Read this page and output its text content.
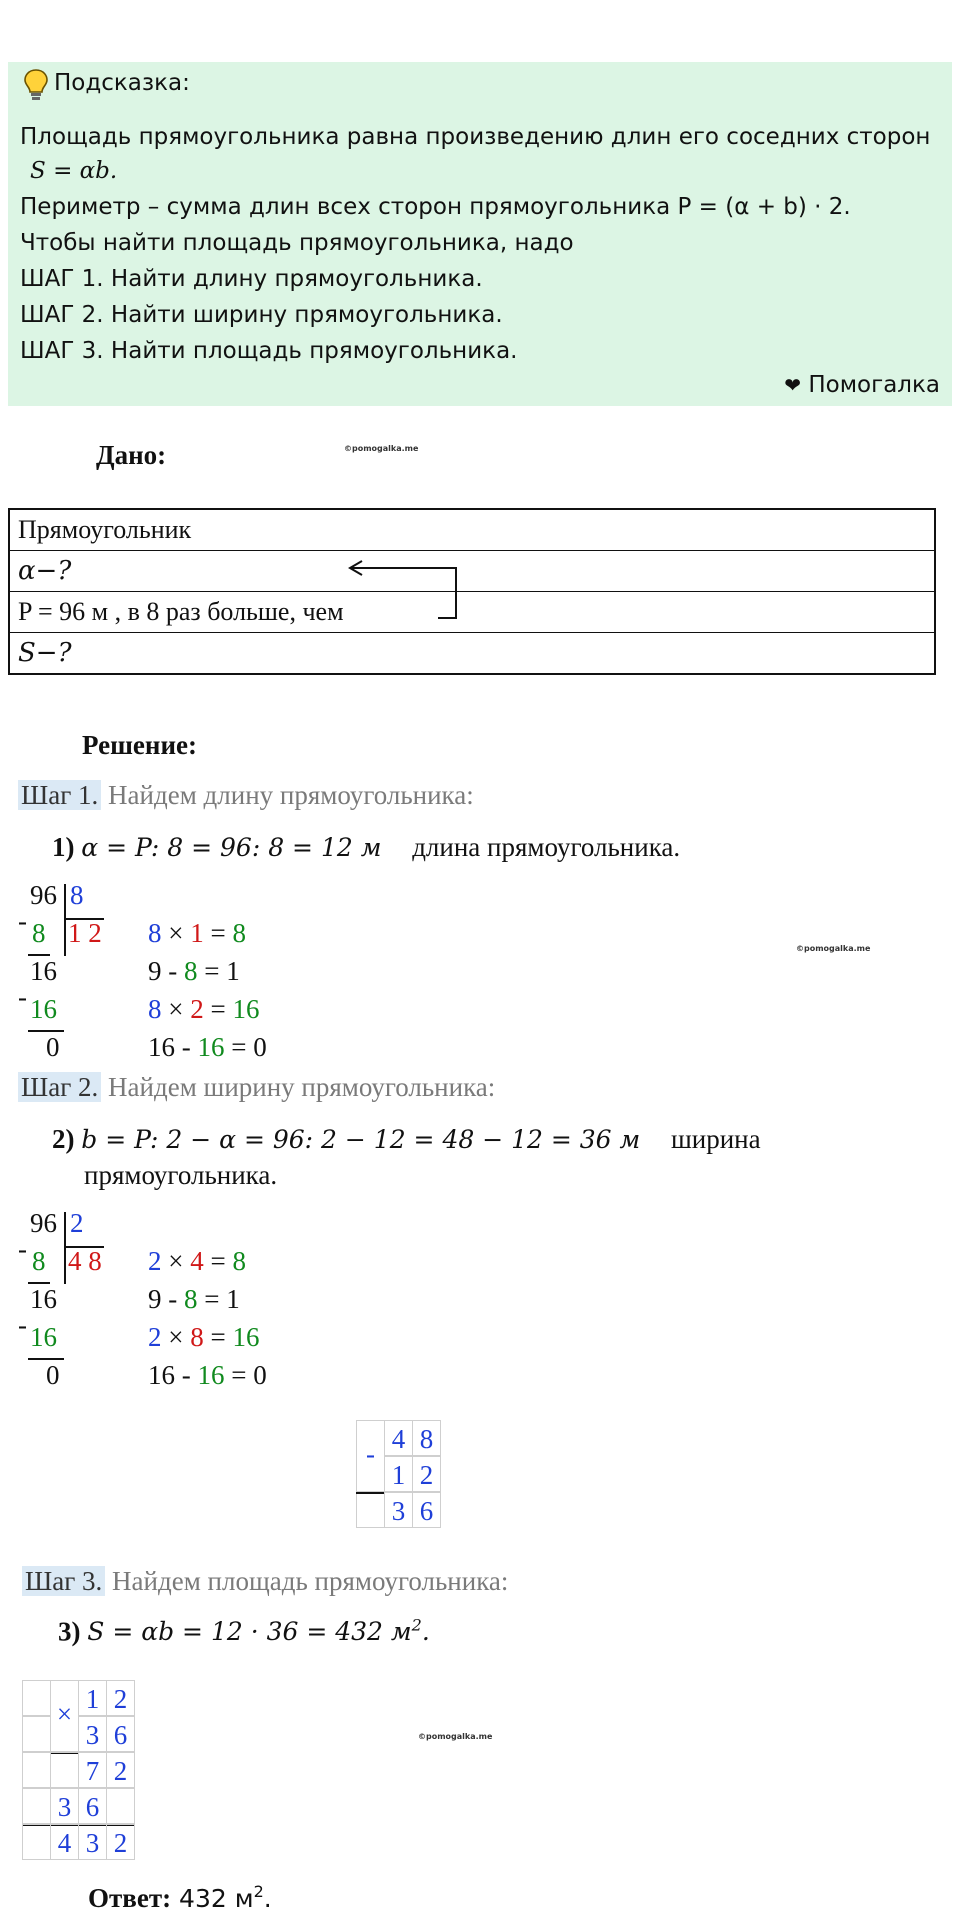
Подсказка:
Площадь прямоугольника равна произведению длин его соседних сторон
S = αb.
Периметр – сумма длин всех сторон прямоугольника P = (α + b) · 2.
Чтобы найти площадь прямоугольника, надо
ШАГ 1. Найти длину прямоугольника.
ШАГ 2. Найти ширину прямоугольника.
ШАГ 3. Найти площадь прямоугольника.
❤ Помогалка
Дано:	©pomogalka.me
Прямоугольник
α−?
P = 96 м , в 8 раз больше, чем
S−?
Решение:
Шаг 1. Найдем длину прямоугольника:
1) α = P: 8 = 96: 8 = 12 м длина прямоугольника.
96 8
- 8 1 2
16
- 16
0
8 × 1 = 8
9 - 8 = 1
8 × 2 = 16
16 - 16 = 0
©pomogalka.me
Шаг 2. Найдем ширину прямоугольника:
2) b = P: 2 − α = 96: 2 − 12 = 48 − 12 = 36 м ширина
прямоугольника.
96 2
- 8 4 8
16
- 16
0
2 × 4 = 8
9 - 8 = 1
2 × 8 = 16
16 - 16 = 0
- 4 8
1 2
3 6
Шаг 3. Найдем площадь прямоугольника:
3) S = αb = 12 · 36 = 432 $м^2$.
× 1 2
3 6
7 2
3 6
4 3 2
©pomogalka.me
Ответ: 432 $м^2$.
